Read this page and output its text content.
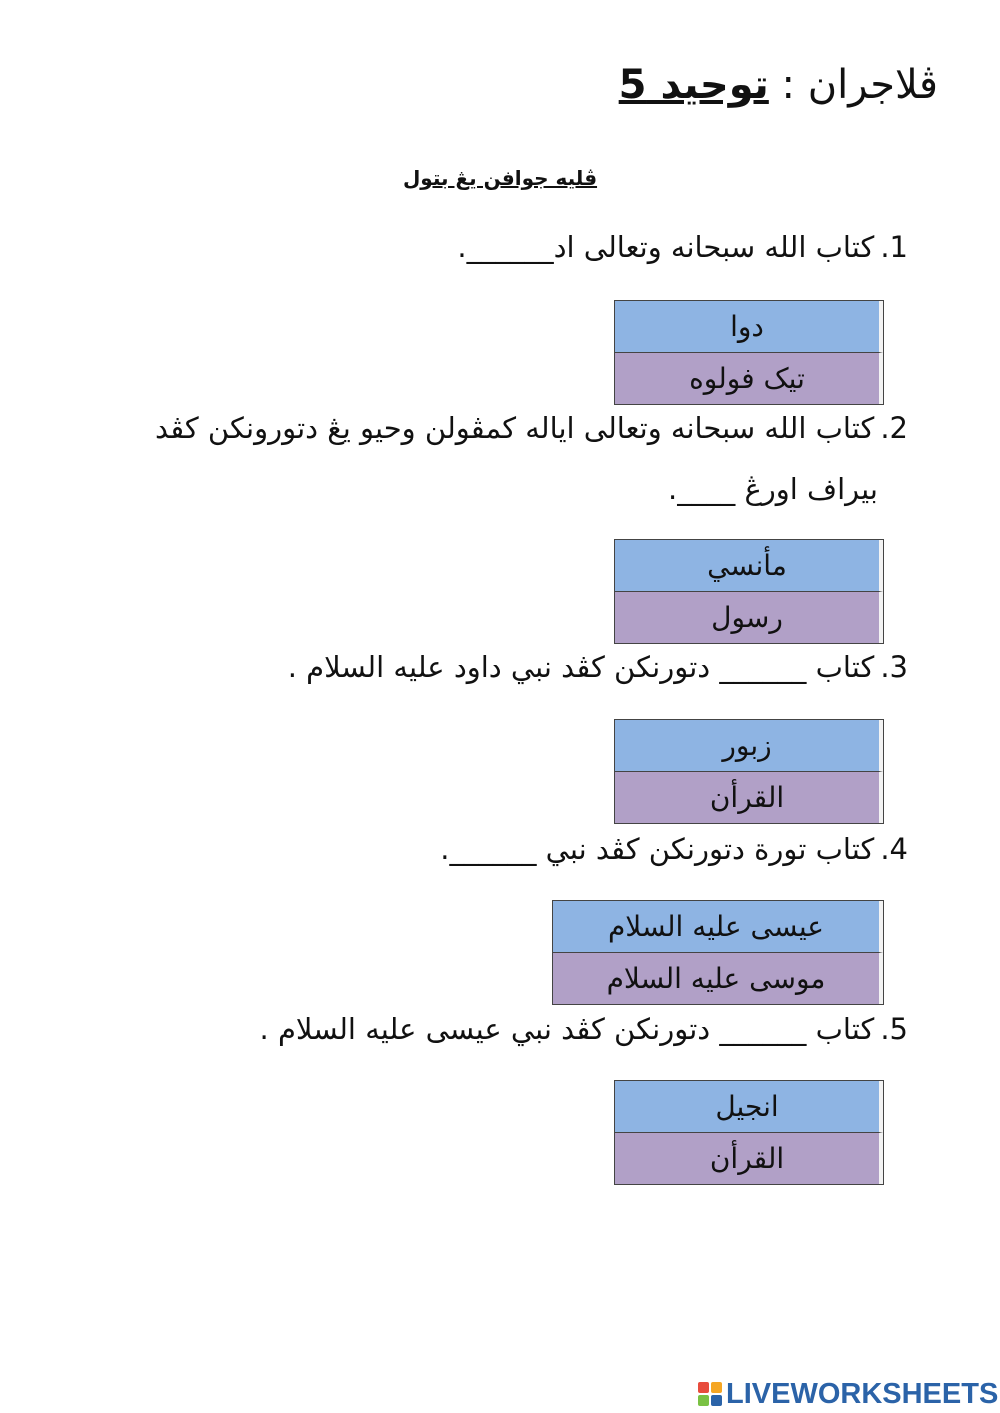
ڤلاجران : توحيد 5
ڤليه جوافن يڠ بتول
1.كتاب الله سبحانه وتعالى اد______.
دوا
تيک فولوه
2.كتاب الله سبحانه وتعالى اياله كمڤولن وحيو يڠ دتورونكن كڤد
بيراف اورڠ ____.
مأنسي
رسول
3.كتاب ______ دتورنكن كڤد نبي داود عليه السلام .
زبور
القرأن
4.كتاب تورة دتورنكن كڤد نبي ______.
عيسى عليه السلام
موسى عليه السلام
5.كتاب ______ دتورنكن كڤد نبي عيسى عليه السلام .
انجيل
القرأن
LIVEWORKSHEETS
